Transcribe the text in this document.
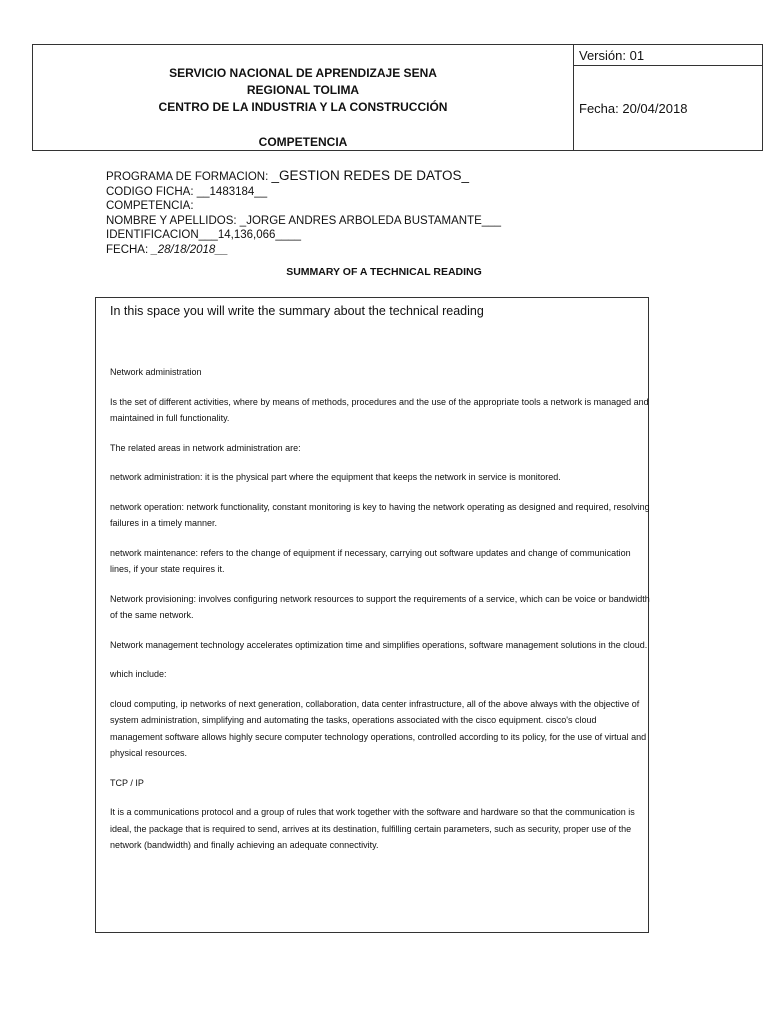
SERVICIO NACIONAL DE APRENDIZAJE SENA
REGIONAL TOLIMA
CENTRO DE LA INDUSTRIA Y LA CONSTRUCCIÓN
COMPETENCIA
Versión: 01
Fecha: 20/04/2018
PROGRAMA DE FORMACION: _GESTION REDES DE DATOS_
CODIGO FICHA: __1483184__
COMPETENCIA:
NOMBRE Y APELLIDOS: _JORGE ANDRES ARBOLEDA BUSTAMANTE___
IDENTIFICACION___14,136,066____
FECHA: _28/18/2018__
SUMMARY OF A TECHNICAL READING
In this space you will write the summary about the technical reading

Network administration

Is the set of different activities, where by means of methods, procedures and the use of the appropriate tools a network is managed and maintained in full functionality.

The related areas in network administration are:

network administration: it is the physical part where the equipment that keeps the network in service is monitored.

network operation: network functionality, constant monitoring is key to having the network operating as designed and required, resolving failures in a timely manner.

network maintenance: refers to the change of equipment if necessary, carrying out software updates and change of communication lines, if your state requires it.

Network provisioning: involves configuring network resources to support the requirements of a service, which can be voice or bandwidth of the same network.

Network management technology accelerates optimization time and simplifies operations, software management solutions in the cloud.

which include:

cloud computing, ip networks of next generation, collaboration, data center infrastructure, all of the above always with the objective of system administration, simplifying and automating the tasks, operations associated with the cisco equipment. cisco's cloud management software allows highly secure computer technology operations, controlled according to its policy, for the use of virtual and physical resources.

TCP / IP

It is a communications protocol and a group of rules that work together with the software and hardware so that the communication is ideal, the package that is required to send, arrives at its destination, fulfilling certain parameters, such as security, proper use of the network (bandwidth) and finally achieving an adequate connectivity.
